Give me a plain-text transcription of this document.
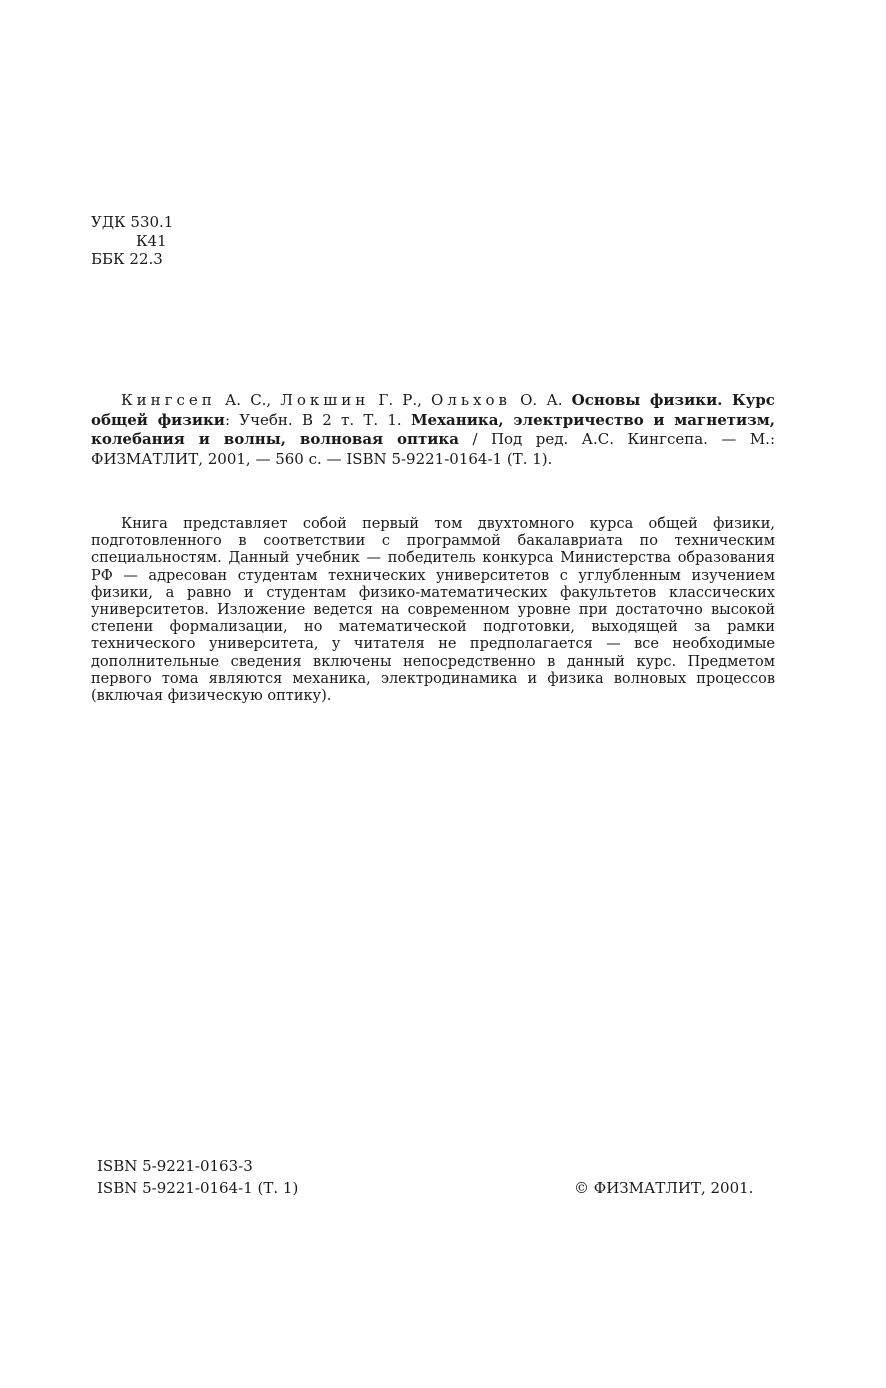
УДК 530.1
К41
ББК 22.3
Кингсеп А. С., Локшин Г. Р., Ольхов О. А. Основы физики. Курс общей физики: Учебн. В 2 т. Т. 1. Механика, электричество и магнетизм, колебания и волны, волновая оптика / Под ред. А.С. Кингсепа. — М.: ФИЗМАТЛИТ, 2001, — 560 с. — ISBN 5-9221-0164-1 (Т. 1).
Книга представляет собой первый том двухтомного курса общей физики, подготовленного в соответствии с программой бакалавриата по техническим специальностям. Данный учебник — победитель конкурса Министерства образования РФ — адресован студентам технических университетов с углубленным изучением физики, а равно и студентам физико-математических факультетов классических университетов. Изложение ведется на современном уровне при достаточно высокой степени формализации, но математической подготовки, выходящей за рамки технического университета, у читателя не предполагается — все необходимые дополнительные сведения включены непосредственно в данный курс. Предметом первого тома являются механика, электродинамика и физика волновых процессов (включая физическую оптику).
ISBN 5-9221-0163-3
ISBN 5-9221-0164-1 (Т. 1)	© ФИЗМАТЛИТ, 2001.
